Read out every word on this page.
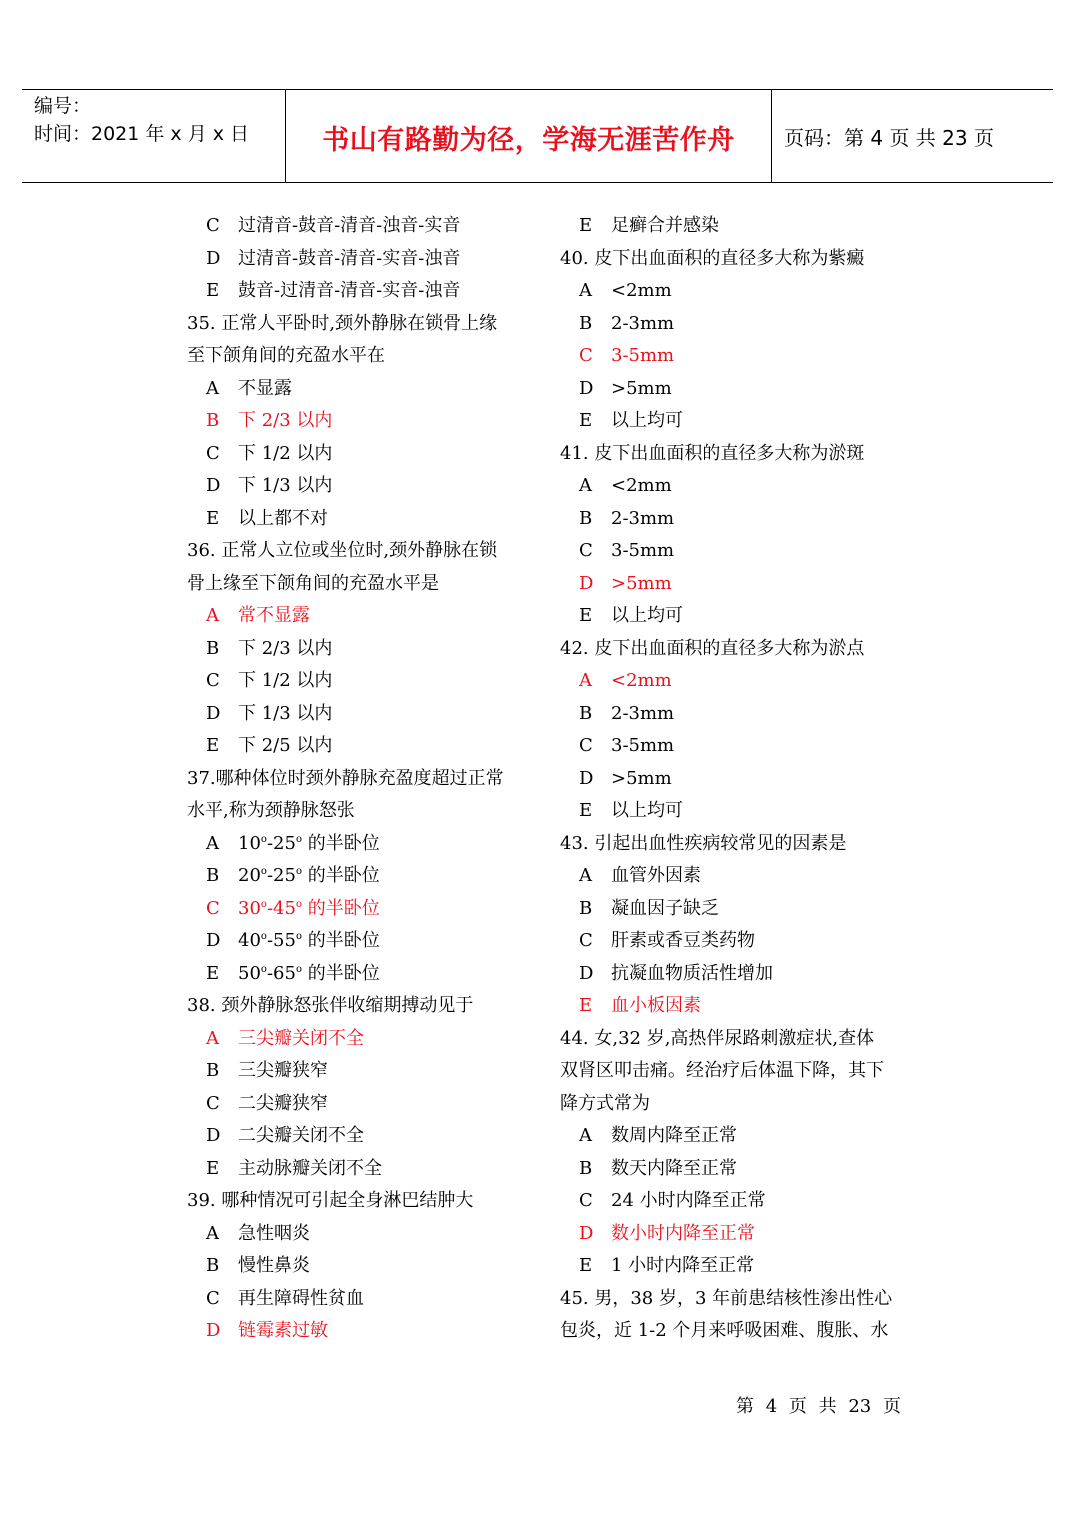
编号：
时间：2021 年 x 月 x 日	书山有路勤为径，学海无涯苦作舟	页码：第 4 页 共 23 页
C 过清音-鼓音-清音-浊音-实音
D 过清音-鼓音-清音-实音-浊音
E 鼓音-过清音-清音-实音-浊音
35. 正常人平卧时,颈外静脉在锁骨上缘
至下颌角间的充盈水平在
A 不显露
B 下 2/3 以内
C 下 1/2 以内
D 下 1/3 以内
E 以上都不对
36. 正常人立位或坐位时,颈外静脉在锁
骨上缘至下颌角间的充盈水平是
A 常不显露
B 下 2/3 以内
C 下 1/2 以内
D 下 1/3 以内
E 下 2/5 以内
37.哪种体位时颈外静脉充盈度超过正常
水平,称为颈静脉怒张
A 10$^o$-25$^o$ 的半卧位
B 20$^o$-25$^o$ 的半卧位
C 30$^o$-45$^o$ 的半卧位
D 40$^o$-55$^o$ 的半卧位
E 50$^o$-65$^o$ 的半卧位
38. 颈外静脉怒张伴收缩期搏动见于
A 三尖瓣关闭不全
B 三尖瓣狭窄
C 二尖瓣狭窄
D 二尖瓣关闭不全
E 主动脉瓣关闭不全
39. 哪种情况可引起全身淋巴结肿大
A 急性咽炎
B 慢性鼻炎
C 再生障碍性贫血
D 链霉素过敏
E 足癣合并感染
40. 皮下出血面积的直径多大称为紫癜
A <2mm
B 2-3mm
C 3-5mm
D >5mm
E 以上均可
41. 皮下出血面积的直径多大称为淤斑
A <2mm
B 2-3mm
C 3-5mm
D >5mm
E 以上均可
42. 皮下出血面积的直径多大称为淤点
A <2mm
B 2-3mm
C 3-5mm
D >5mm
E 以上均可
43. 引起出血性疾病较常见的因素是
A 血管外因素
B 凝血因子缺乏
C 肝素或香豆类药物
D 抗凝血物质活性增加
E 血小板因素
44. 女,32 岁,高热伴尿路刺激症状,查体
双肾区叩击痛。经治疗后体温下降，其下
降方式常为
A 数周内降至正常
B 数天内降至正常
C 24 小时内降至正常
D 数小时内降至正常
E 1 小时内降至正常
45. 男，38 岁，3 年前患结核性渗出性心
包炎，近 1-2 个月来呼吸困难、腹胀、水
第 4 页 共 23 页
